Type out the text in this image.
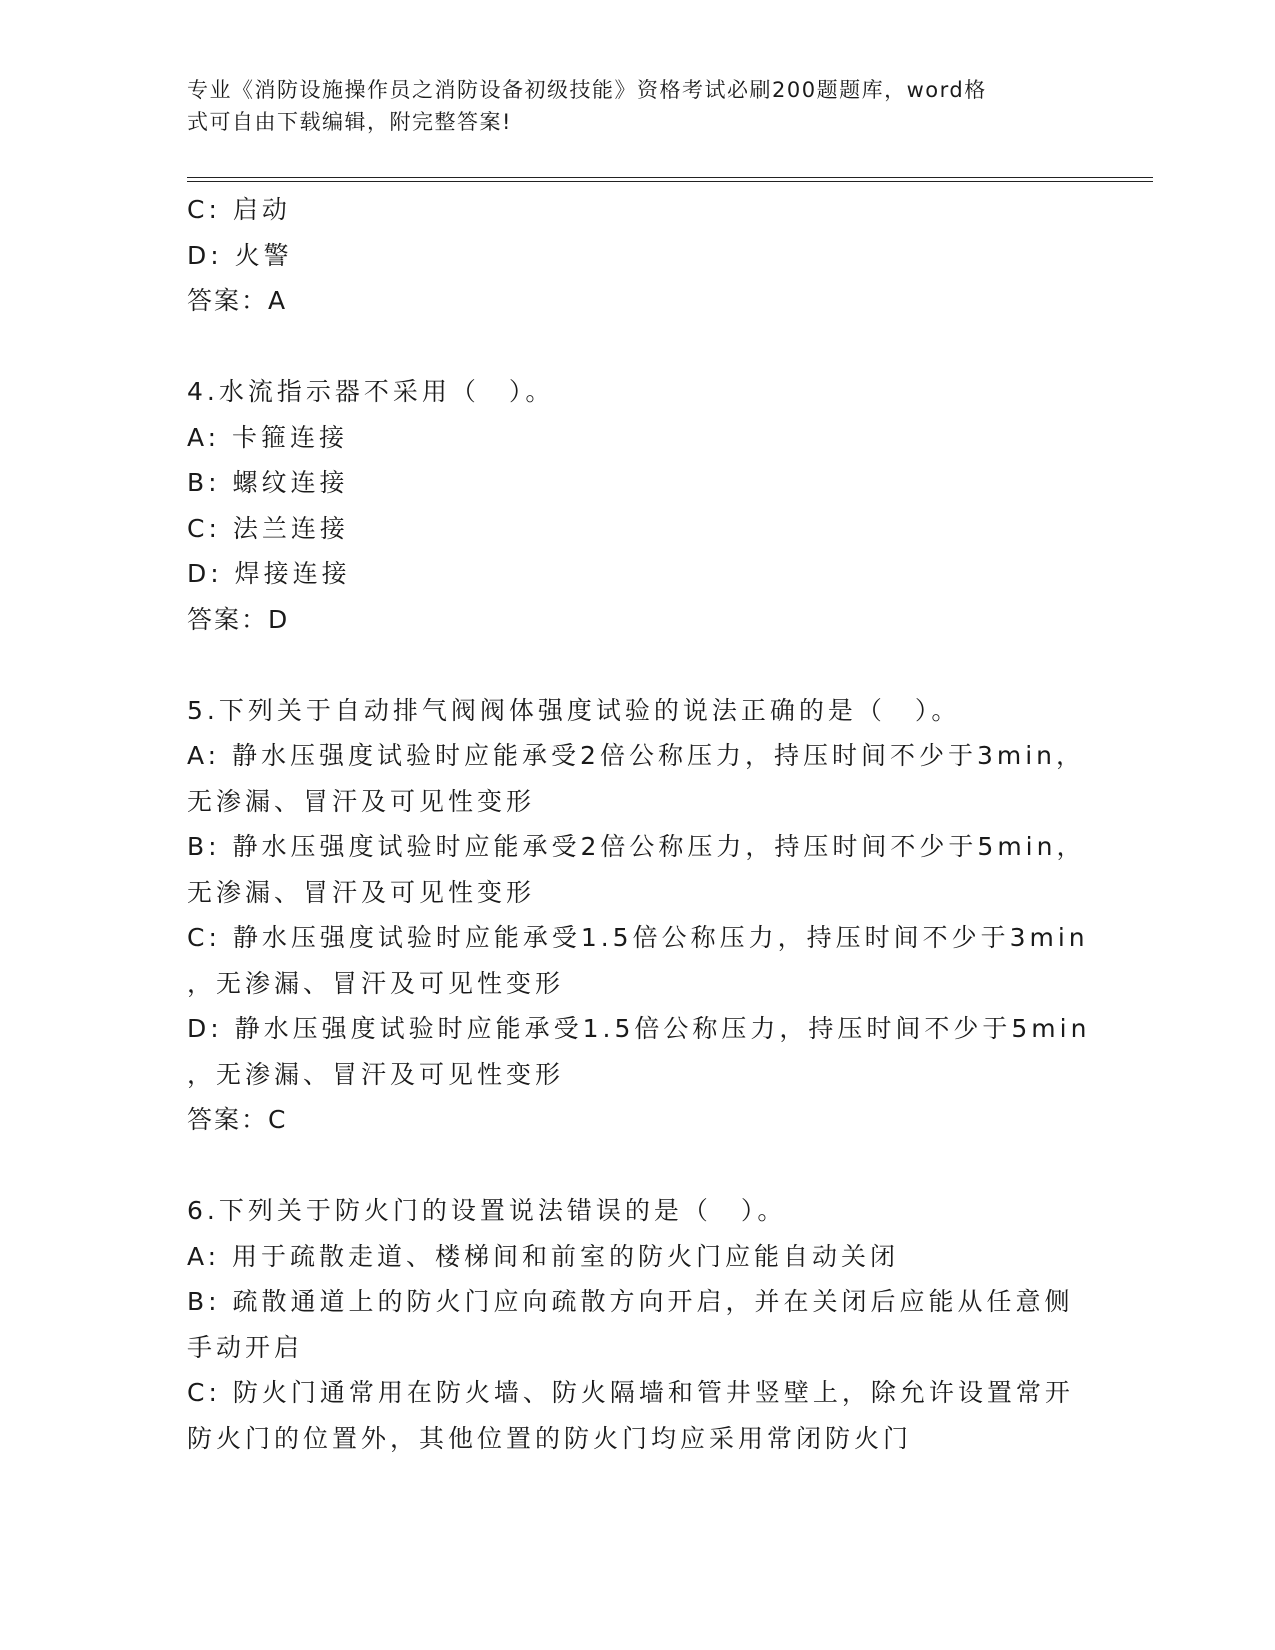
专业《消防设施操作员之消防设备初级技能》资格考试必刷200题题库，word格
式可自由下载编辑，附完整答案!
C: 启动
D: 火警
答案：A
4.水流指示器不采用（　）。
A: 卡箍连接
B: 螺纹连接
C: 法兰连接
D: 焊接连接
答案：D
5.下列关于自动排气阀阀体强度试验的说法正确的是（　）。
A: 静水压强度试验时应能承受2倍公称压力，持压时间不少于3min，
无渗漏、冒汗及可见性变形
B: 静水压强度试验时应能承受2倍公称压力，持压时间不少于5min，
无渗漏、冒汗及可见性变形
C: 静水压强度试验时应能承受1.5倍公称压力，持压时间不少于3min
，无渗漏、冒汗及可见性变形
D: 静水压强度试验时应能承受1.5倍公称压力，持压时间不少于5min
，无渗漏、冒汗及可见性变形
答案：C
6.下列关于防火门的设置说法错误的是（　）。
A: 用于疏散走道、楼梯间和前室的防火门应能自动关闭
B: 疏散通道上的防火门应向疏散方向开启，并在关闭后应能从任意侧
手动开启
C: 防火门通常用在防火墙、防火隔墙和管井竖壁上，除允许设置常开
防火门的位置外，其他位置的防火门均应采用常闭防火门
